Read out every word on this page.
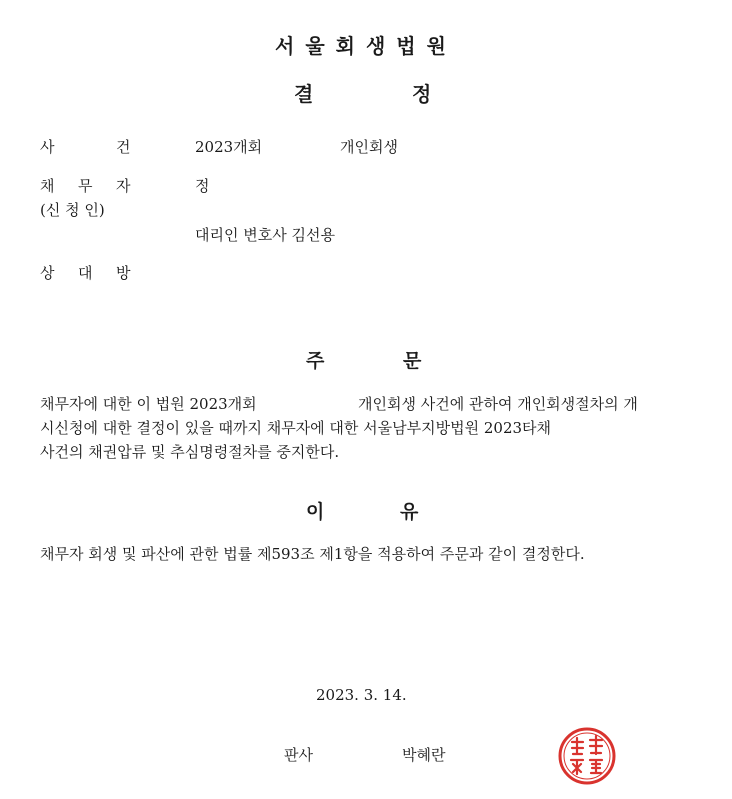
서울회생법원
결	정
사	건	2023개회	개인회생
채 무 자	정
(신 청 인)
대리인 변호사 김선용
상 대 방
주	문
채무자에 대한 이 법원 2023개회	개인회생 사건에 관하여 개인회생절차의 개
시신청에 대한 결정이 있을 때까지 채무자에 대한 서울남부지방법원 2023타채
사건의 채권압류 및 추심명령절차를 중지한다.
이	유
채무자 회생 및 파산에 관한 법률 제593조 제1항을 적용하여 주문과 같이 결정한다.
2023. 3. 14.
판사	박혜란
